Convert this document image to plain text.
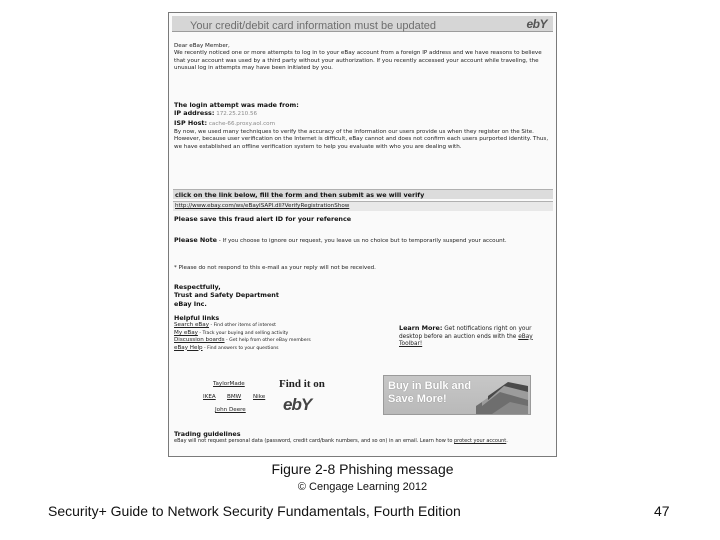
Your credit/debit card information must be updated	ebY
Dear eBay Member,
We recently noticed one or more attempts to log in to your eBay account from a foreign IP address and we have reasons to believe that your account was used by a third party without your authorization. If you recently accessed your account while traveling, the unusual log in attempts may have been initiated by you.
The login attempt was made from:
IP address: 172.25.210.56
ISP Host: cache-66.proxy.aol.com
By now, we used many techniques to verify the accuracy of the information our users provide us when they register on the Site. However, because user verification on the Internet is difficult, eBay cannot and does not confirm each users purported identity. Thus, we have established an offline verification system to help you evaluate with who you are dealing with.
click on the link below, fill the form and then submit as we will verify
http://www.ebay.com/ws/eBayISAPI.dll?VerifyRegistrationShow
Please save this fraud alert ID for your reference
Please Note - If you choose to ignore our request, you leave us no choice but to temporarily suspend your account.
* Please do not respond to this e-mail as your reply will not be received.
Respectfully,
Trust and Safety Department
eBay Inc.
Helpful links
Search eBay - Find other items of interest
My eBay - Track your buying and selling activity
Discussion boards - Get help from other eBay members
eBay Help - Find answers to your questions
Learn More: Get notifications right on your desktop before an auction ends with the eBay Toolbar!
TaylorMade
IKEA BMW Nike
John Deere
Find it on
ebY
Buy in Bulk and Save More!
Trading guidelines
eBay will not request personal data (password, credit card/bank numbers, and so on) in an email. Learn how to protect your account.
Figure 2-8 Phishing message
© Cengage Learning 2012
Security+ Guide to Network Security Fundamentals, Fourth Edition	47
